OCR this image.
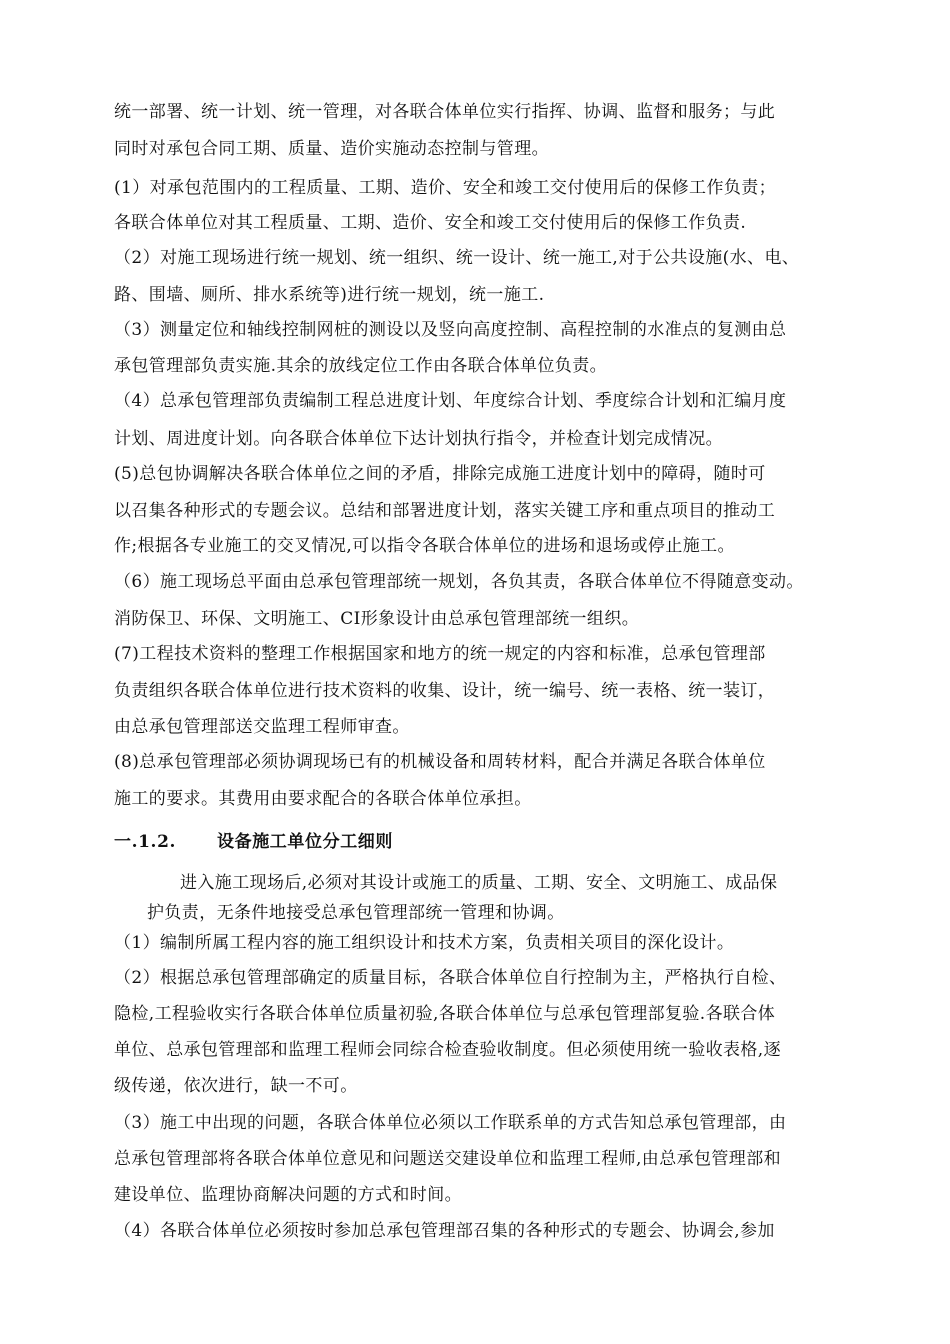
统一部署、统一计划、统一管理，对各联合体单位实行指挥、协调、监督和服务；与此
同时对承包合同工期、质量、造价实施动态控制与管理。
(1）对承包范围内的工程质量、工期、造价、安全和竣工交付使用后的保修工作负责；
各联合体单位对其工程质量、工期、造价、安全和竣工交付使用后的保修工作负责.
（2）对施工现场进行统一规划、统一组织、统一设计、统一施工,对于公共设施(水、电、
路、围墙、厕所、排水系统等)进行统一规划，统一施工.
（3）测量定位和轴线控制网桩的测设以及竖向高度控制、高程控制的水准点的复测由总
承包管理部负责实施.其余的放线定位工作由各联合体单位负责。
（4）总承包管理部负责编制工程总进度计划、年度综合计划、季度综合计划和汇编月度
计划、周进度计划。向各联合体单位下达计划执行指令，并检查计划完成情况。
(5)总包协调解决各联合体单位之间的矛盾，排除完成施工进度计划中的障碍，随时可
以召集各种形式的专题会议。总结和部署进度计划，落实关键工序和重点项目的推动工
作;根据各专业施工的交叉情况,可以指令各联合体单位的进场和退场或停止施工。
（6）施工现场总平面由总承包管理部统一规划，各负其责，各联合体单位不得随意变动。
消防保卫、环保、文明施工、CI形象设计由总承包管理部统一组织。
(7)工程技术资料的整理工作根据国家和地方的统一规定的内容和标准，总承包管理部
负责组织各联合体单位进行技术资料的收集、设计，统一编号、统一表格、统一装订，
由总承包管理部送交监理工程师审查。
(8)总承包管理部必须协调现场已有的机械设备和周转材料，配合并满足各联合体单位
施工的要求。其费用由要求配合的各联合体单位承担。
一.1.2. 设备施工单位分工细则
进入施工现场后,必须对其设计或施工的质量、工期、安全、文明施工、成品保
护负责，无条件地接受总承包管理部统一管理和协调。
（1）编制所属工程内容的施工组织设计和技术方案，负责相关项目的深化设计。
（2）根据总承包管理部确定的质量目标，各联合体单位自行控制为主，严格执行自检、
隐检,工程验收实行各联合体单位质量初验,各联合体单位与总承包管理部复验.各联合体
单位、总承包管理部和监理工程师会同综合检查验收制度。但必须使用统一验收表格,逐
级传递，依次进行，缺一不可。
（3）施工中出现的问题，各联合体单位必须以工作联系单的方式告知总承包管理部，由
总承包管理部将各联合体单位意见和问题送交建设单位和监理工程师,由总承包管理部和
建设单位、监理协商解决问题的方式和时间。
（4）各联合体单位必须按时参加总承包管理部召集的各种形式的专题会、协调会,参加
